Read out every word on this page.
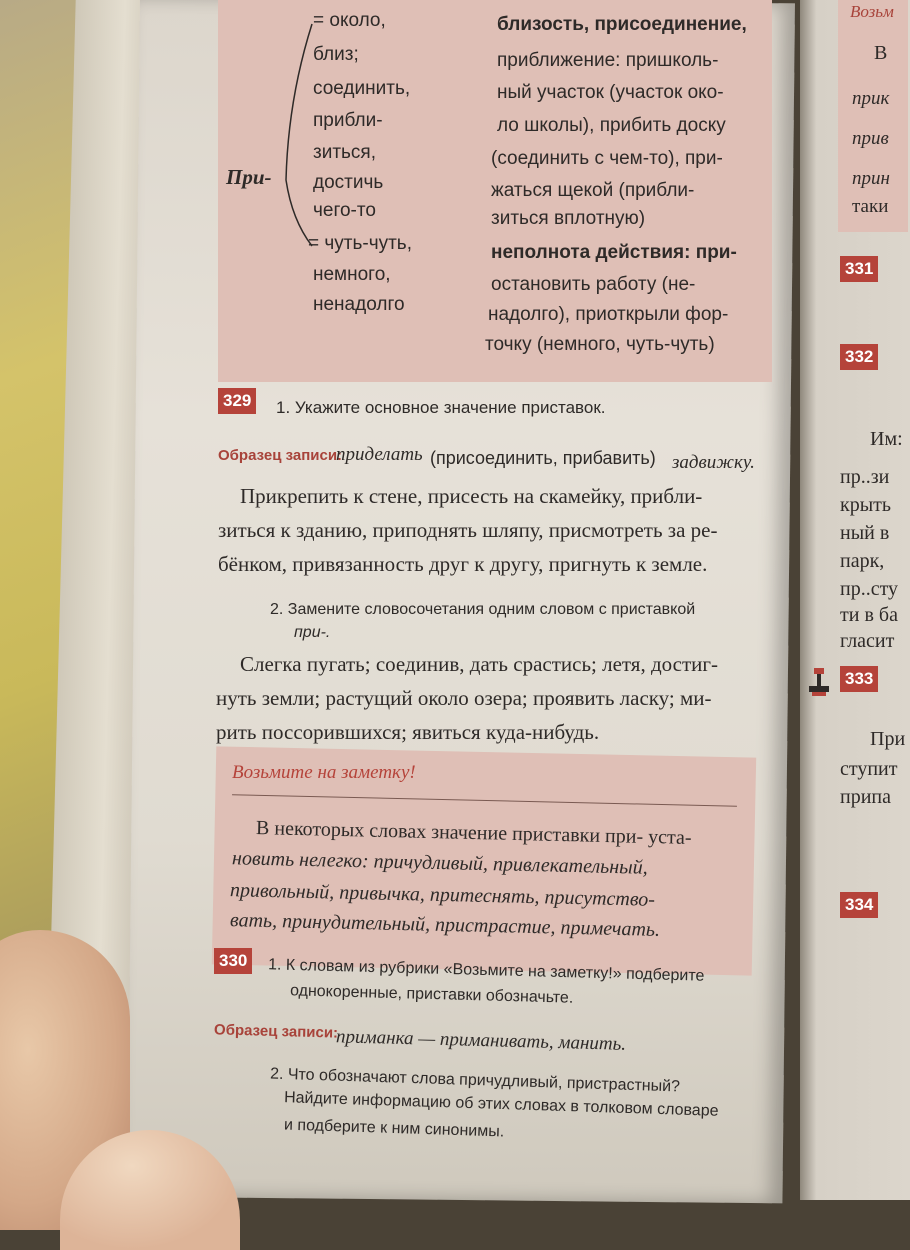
При-
= около,
близ;
соединить,
прибли-
зиться,
достичь
чего-то
= чуть-чуть,
немного,
ненадолго
близость, присоединение,
приближение: пришколь-
ный участок (участок око-
ло школы), прибить доску
(соединить с чем-то), при-
жаться щекой (прибли-
зиться вплотную)
неполнота действия: при-
остановить работу (не-
надолго), приоткрыли фор-
точку (немного, чуть-чуть)
329 1. Укажите основное значение приставок.
Образец записи:
приделать (присоединить, прибавить) задвижку.
Прикрепить к стене, присесть на скамейку, прибли-
зиться к зданию, приподнять шляпу, присмотреть за ре-
бёнком, привязанность друг к другу, пригнуть к земле.
2. Замените словосочетания одним словом с приставкой
при-.
Слегка пугать; соединив, дать срастись; летя, достиг-
нуть земли; растущий около озера; проявить ласку; ми-
рить поссорившихся; явиться куда-нибудь.
Возьмите на заметку!
В некоторых словах значение приставки при- уста-
новить нелегко: причудливый, привлекательный,
привольный, привычка, притеснять, присутство-
вать, принудительный, пристрастие, примечать.
330	1. К словам из рубрики «Возьмите на заметку!» подберите
однокоренные, приставки обозначьте.
Образец записи:
приманка — приманивать, манить.
2. Что обозначают слова причудливый, пристрастный?
Найдите информацию об этих словах в толковом словаре
и подберите к ним синонимы.
Возьм
В
прик
прив
прин
таки
331
332
Им:
пр..зи
крыть
ный в
парк,
пр..сту
ти в ба
гласит
333
При
ступит
припа
334
